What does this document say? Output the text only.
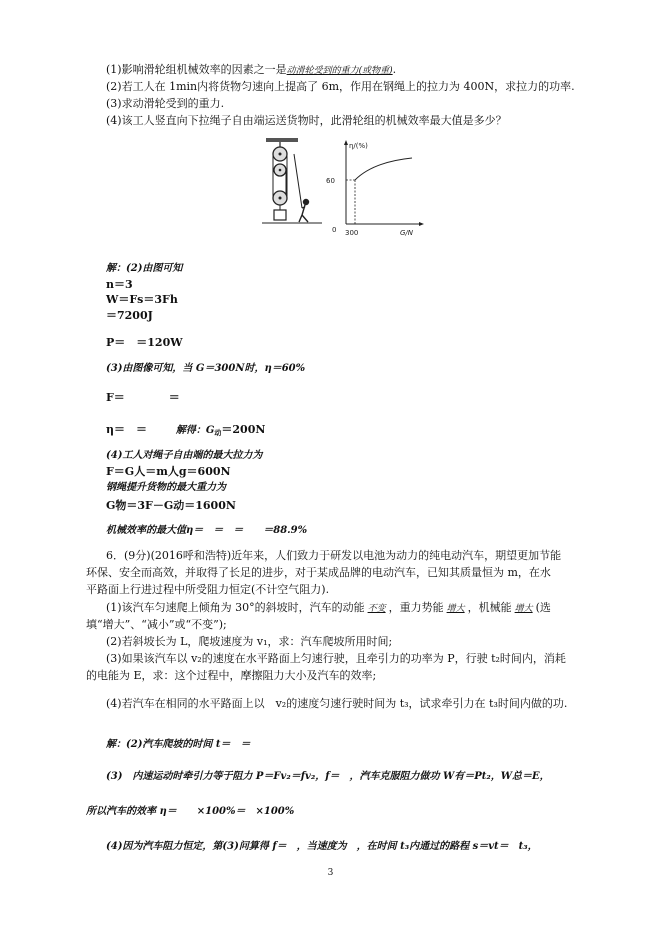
(1)影响滑轮组机械效率的因素之一是动滑轮受到的重力(或物重).
(2)若工人在 1min内将货物匀速向上提高了 6m，作用在钢绳上的拉力为 400N，求拉力的功率.
(3)求动滑轮受到的重力.
(4)该工人竖直向下拉绳子自由端运送货物时，此滑轮组的机械效率最大值是多少？
η/(%)
G/N
0
60
300
解：(2)由图可知
n＝3
W＝Fs＝3Fh
＝7200J
P＝　＝120W
(3)由图像可知，当 G＝300N时，η＝60%
F＝　　　　＝
η＝　＝　 解得：$G_动=200N$
(4)工人对绳子自由端的最大拉力为
F＝G人＝m人g＝600N
钢绳提升货物的最大重力为
G物＝3F－G动＝1600N
机械效率的最大值η＝　＝　＝　　＝88.9%
6．(9分)(2016呼和浩特)近年来，人们致力于研发以电池为动力的纯电动汽车，期望更加节能
环保、安全而高效，并取得了长足的进步，对于某成品牌的电动汽车，已知其质量恒为 m，在水
平路面上行进过程中所受阻力恒定(不计空气阻力).
(1)该汽车匀速爬上倾角为 30°的斜坡时，汽车的动能 不变 ，重力势能 增大 ，机械能 增大 (选
填“增大”、“减小”或“不变”);
(2)若斜坡长为 L，爬坡速度为 v₁，求：汽车爬坡所用时间;
(3)如果该汽车以 v₂的速度在水平路面上匀速行驶，且牵引力的功率为 P，行驶 t₂时间内，消耗
的电能为 E，求：这个过程中，摩擦阻力大小及汽车的效率;
(4)若汽车在相同的水平路面上以　v₂的速度匀速行驶时间为 t₃，试求牵引力在 t₃时间内做的功.
解：(2)汽车爬坡的时间 t＝　＝
(3)　内速运动时牵引力等于阻力 P＝Fv₂＝fv₂，f＝　，汽车克服阻力做功 W有＝Pt₂，W总＝E，
所以汽车的效率 η＝　　×100%＝　×100%
(4)因为汽车阻力恒定，第(3)问算得 f＝　，当速度为　，在时间 t₃内通过的路程 s＝vt＝　t₃，
3
